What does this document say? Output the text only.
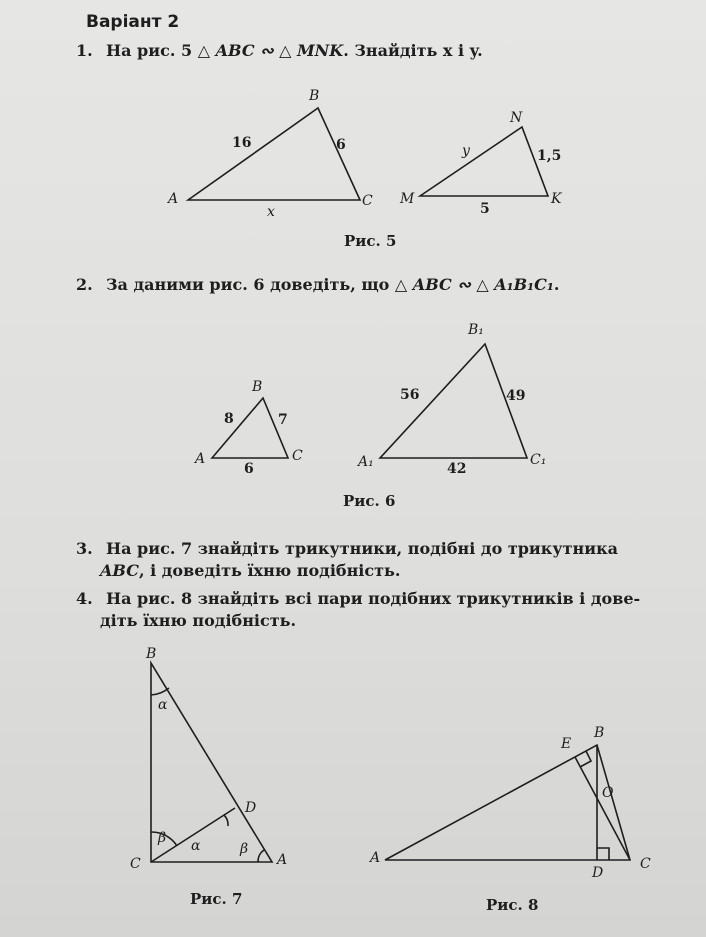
Варіант 2
1. На рис. 5 △ ABC ∾ △ MNK. Знайдіть x і y.
B
A	C M
N
K
x
y
16	6
1,5
5
Рис. 5
2. За даними рис. 6 доведіть, що △ ABC ∾ △ A₁B₁C₁.
B
A	C
B₁
A₁	C₁
8	7
6
56	49
42
Рис. 6
3. На рис. 7 знайдіть трикутники, подібні до трикутника
ABC, і доведіть їхню подібність.
4. На рис. 8 знайдіть всі пари подібних трикутників і дове-
діть їхню подібність.
B
C	A
D
α
β α	β
Рис. 7
A
B
C
D
E
O
Рис. 8
